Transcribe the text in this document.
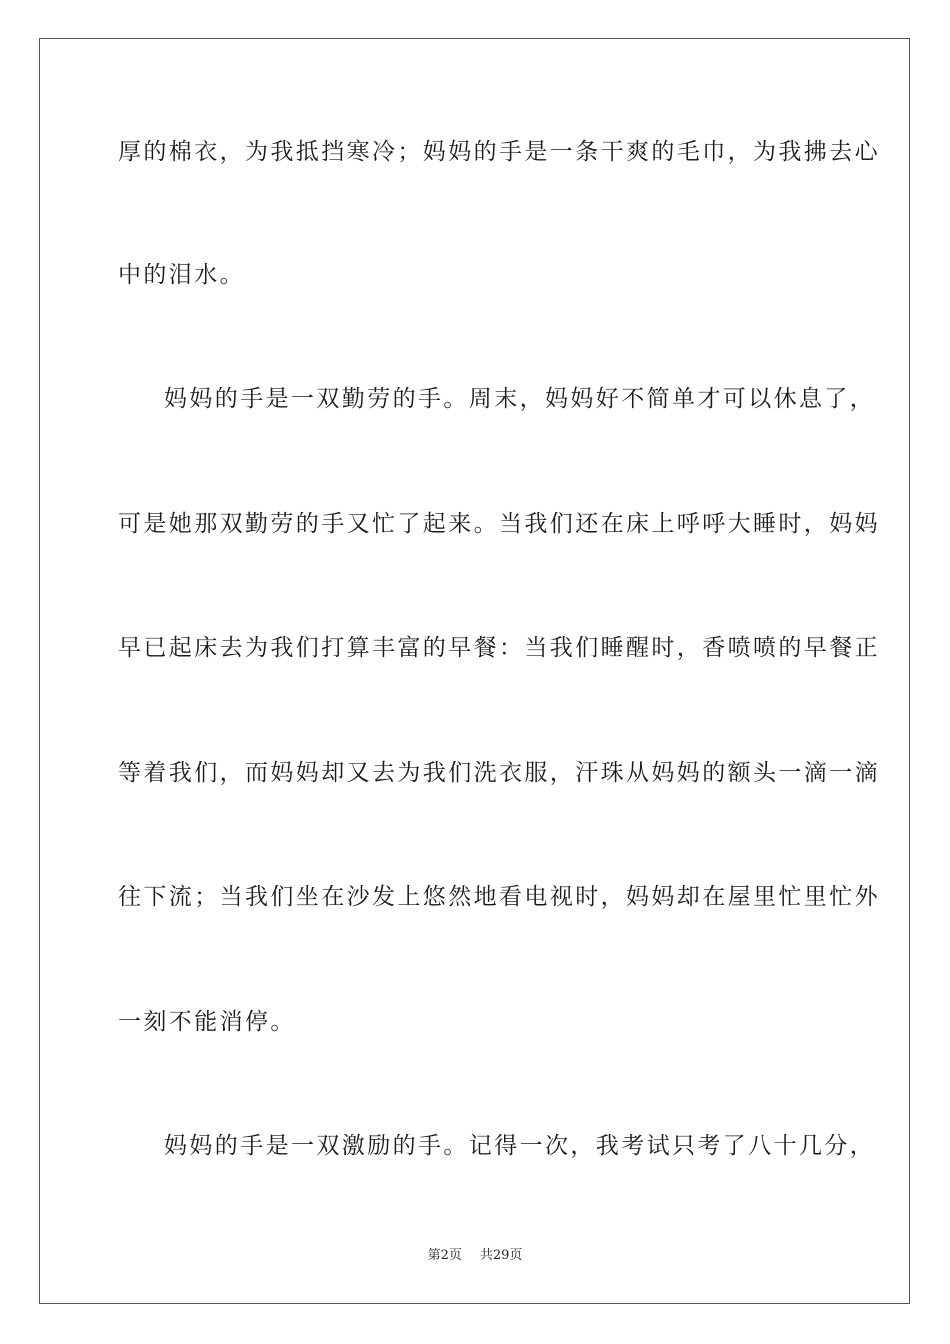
厚的棉衣，为我抵挡寒冷；妈妈的手是一条干爽的毛巾，为我拂去心
中的泪水。
妈妈的手是一双勤劳的手。周末，妈妈好不简单才可以休息了，
可是她那双勤劳的手又忙了起来。当我们还在床上呼呼大睡时，妈妈
早已起床去为我们打算丰富的早餐：当我们睡醒时，香喷喷的早餐正
等着我们，而妈妈却又去为我们洗衣服，汗珠从妈妈的额头一滴一滴
往下流；当我们坐在沙发上悠然地看电视时，妈妈却在屋里忙里忙外
一刻不能消停。
妈妈的手是一双激励的手。记得一次，我考试只考了八十几分，
第2页 共29页
